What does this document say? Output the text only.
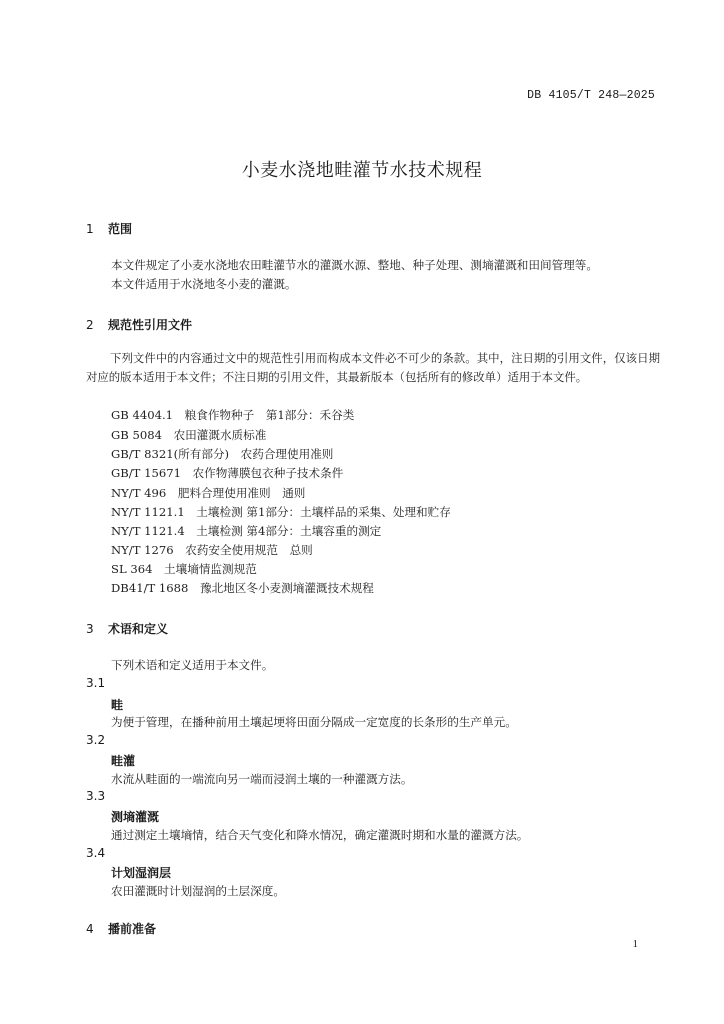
DB 4105/T 248—2025
小麦水浇地畦灌节水技术规程
1 范围
本文件规定了小麦水浇地农田畦灌节水的灌溉水源、整地、种子处理、测墒灌溉和田间管理等。
本文件适用于水浇地冬小麦的灌溉。
2 规范性引用文件
下列文件中的内容通过文中的规范性引用而构成本文件必不可少的条款。其中，注日期的引用文件，仅该日期对应的版本适用于本文件；不注日期的引用文件，其最新版本（包括所有的修改单）适用于本文件。
GB 4404.1　粮食作物种子　第1部分：禾谷类
GB 5084　农田灌溉水质标准
GB/T 8321(所有部分)　农药合理使用准则
GB/T 15671　农作物薄膜包衣种子技术条件
NY/T 496　肥料合理使用准则　通则
NY/T 1121.1　土壤检测 第1部分：土壤样品的采集、处理和贮存
NY/T 1121.4　土壤检测 第4部分：土壤容重的测定
NY/T 1276　农药安全使用规范　总则
SL 364　土壤墒情监测规范
DB41/T 1688　豫北地区冬小麦测墒灌溉技术规程
3 术语和定义
下列术语和定义适用于本文件。
3.1
畦
为便于管理，在播种前用土壤起埂将田面分隔成一定宽度的长条形的生产单元。
3.2
畦灌
水流从畦面的一端流向另一端而浸润土壤的一种灌溉方法。
3.3
测墒灌溉
通过测定土壤墒情，结合天气变化和降水情况，确定灌溉时期和水量的灌溉方法。
3.4
计划湿润层
农田灌溉时计划湿润的土层深度。
4 播前准备
1
